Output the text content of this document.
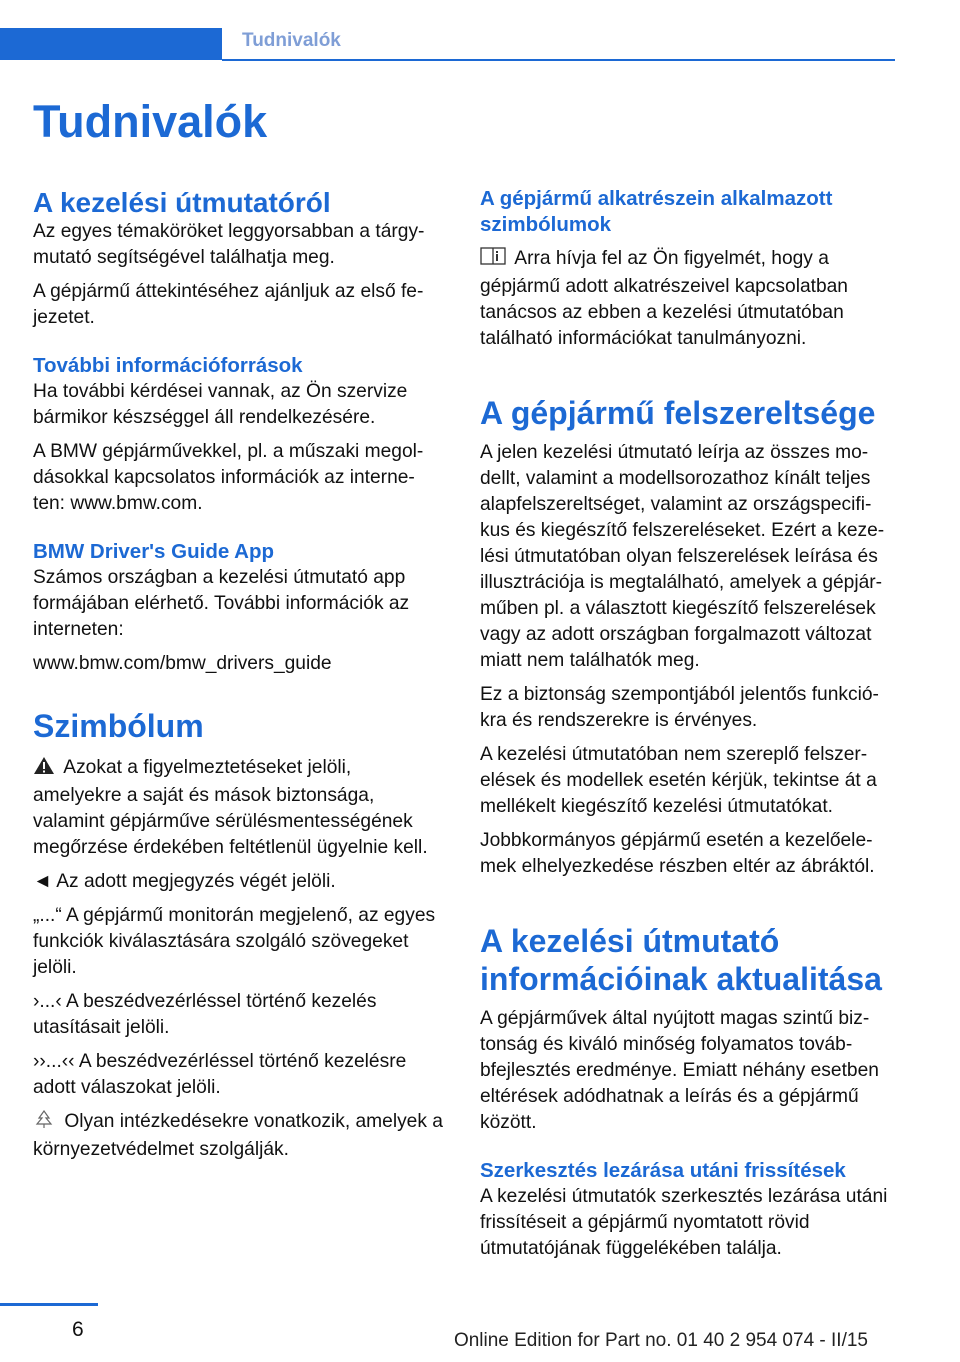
Tudnivalók
Tudnivalók
A kezelési útmutatóról

Az egyes témaköröket leggyorsabban a tárgy‐mutató segítségével találhatja meg.

A gépjármű áttekintéséhez ajánljuk az első fe‐jezetet.

További információforrások

Ha további kérdései vannak, az Ön szervize bármikor készséggel áll rendelkezésére.

A BMW gépjárművekkel, pl. a műszaki megol‐dásokkal kapcsolatos információk az interne‐ten: www.bmw.com.

BMW Driver's Guide App

Számos országban a kezelési útmutató app formájában elérhető. További információk az interneten:

www.bmw.com/bmw_drivers_guide

Szimbólum

Azokat a figyelmeztetéseket jelöli, amelyekre a saját és mások biztonsága, valamint gépjárműve sérülésmentességének megőrzése érdekében feltétlenül ügyelnie kell.

◄ Az adott megjegyzés végét jelöli.

„...“ A gépjármű monitorán megjelenő, az egyes funkciók kiválasztására szolgáló szövegeket jelöli.

›...‹ A beszédvezérléssel történő kezelés utasításait jelöli.

››...‹‹ A beszédvezérléssel történő kezelésre adott válaszokat jelöli.

Olyan intézkedésekre vonatkozik, amelyek a környezetvédelmet szolgálják.

A gépjármű alkatrészein alkalmazott szimbólumok

Arra hívja fel az Ön figyelmét, hogy a gépjármű adott alkatrészeivel kapcsolatban tanácsos az ebben a kezelési útmutatóban található információkat tanulmányozni.

A gépjármű felszereltsége

A jelen kezelési útmutató leírja az összes mo‐dellt, valamint a modellsorozathoz kínált teljes alapfelszereltséget, valamint az országspecifi‐kus és kiegészítő felszereléseket. Ezért a keze‐lési útmutatóban olyan felszerelések leírása és illusztrációja is megtalálható, amelyek a gépjár‐műben pl. a választott kiegészítő felszerelések vagy az adott országban forgalmazott változat miatt nem találhatók meg.

Ez a biztonság szempontjából jelentős funkció‐kra és rendszerekre is érvényes.

A kezelési útmutatóban nem szereplő felszer‐elések és modellek esetén kérjük, tekintse át a mellékelt kiegészítő kezelési útmutatókat.

Jobbkormányos gépjármű esetén a kezelőele‐mek elhelyezkedése részben eltér az ábráktól.

A kezelési útmutató információinak aktualitása

A gépjárművek által nyújtott magas szintű biz‐tonság és kiváló minőség folyamatos továb‐bfejlesztés eredménye. Emiatt néhány esetben eltérések adódhatnak a leírás és a gépjármű között.

Szerkesztés lezárása utáni frissítések

A kezelési útmutatók szerkesztés lezárása utáni frissítéseit a gépjármű nyomtatott rövid útmutatójának függelékében találja.

6	Online Edition for Part no. 01 40 2 954 074 - II/15
